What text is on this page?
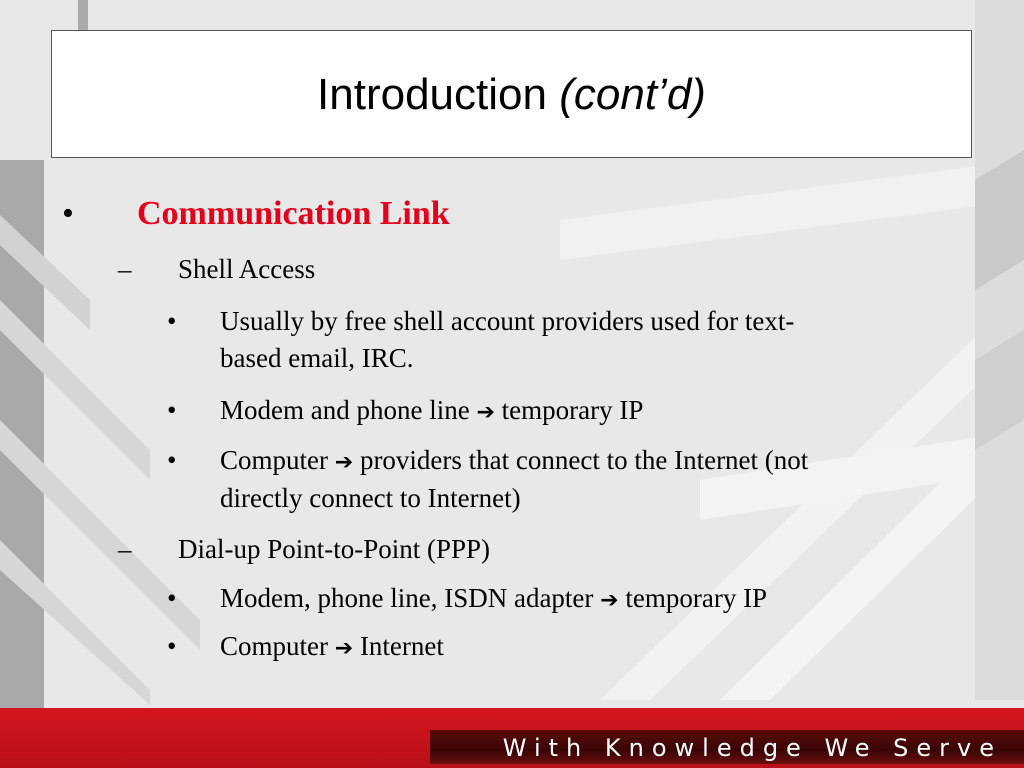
Introduction (cont’d)
• Communication Link
– Shell Access
• Usually by free shell account providers used for text-
based email, IRC.
• Modem and phone line ➔ temporary IP
• Computer ➔ providers that connect to the Internet (not
directly connect to Internet)
– Dial-up Point-to-Point (PPP)
• Modem, phone line, ISDN adapter ➔ temporary IP
• Computer ➔ Internet
With Knowledge We Serve
